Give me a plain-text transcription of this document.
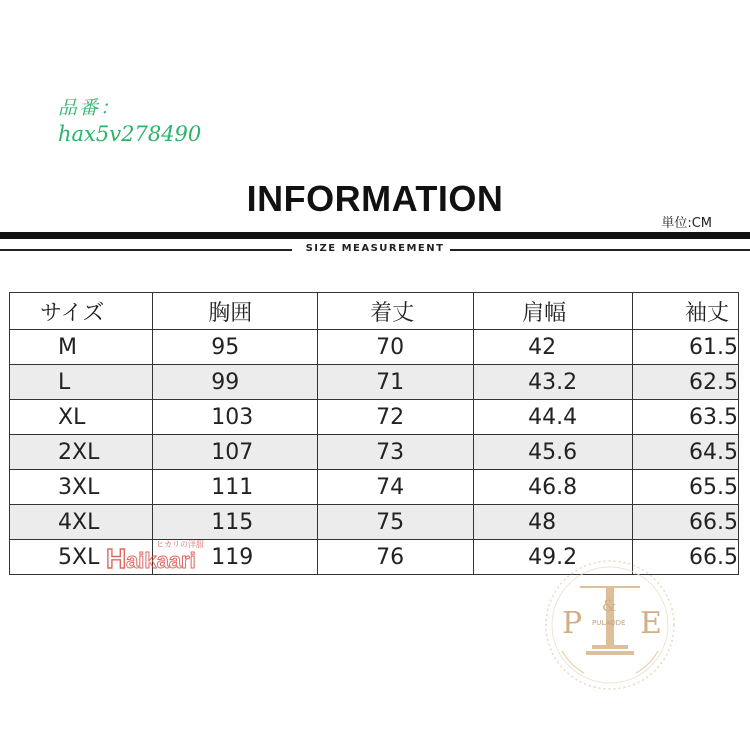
品番：
hax5v278490
INFORMATION
単位:CM
SIZE MEASUREMENT
サイズ	胸囲	着丈	肩幅	袖丈
M	95	70	42	61.5
L	99	71	43.2	62.5
XL	103	72	44.4	63.5
2XL	107	73	45.6	64.5
3XL	111	74	46.8	65.5
4XL	115	75	48	66.5
5XL	119	76	49.2	66.5
H aikaari
ヒカリの洋服
P
&
E
PULAODE
